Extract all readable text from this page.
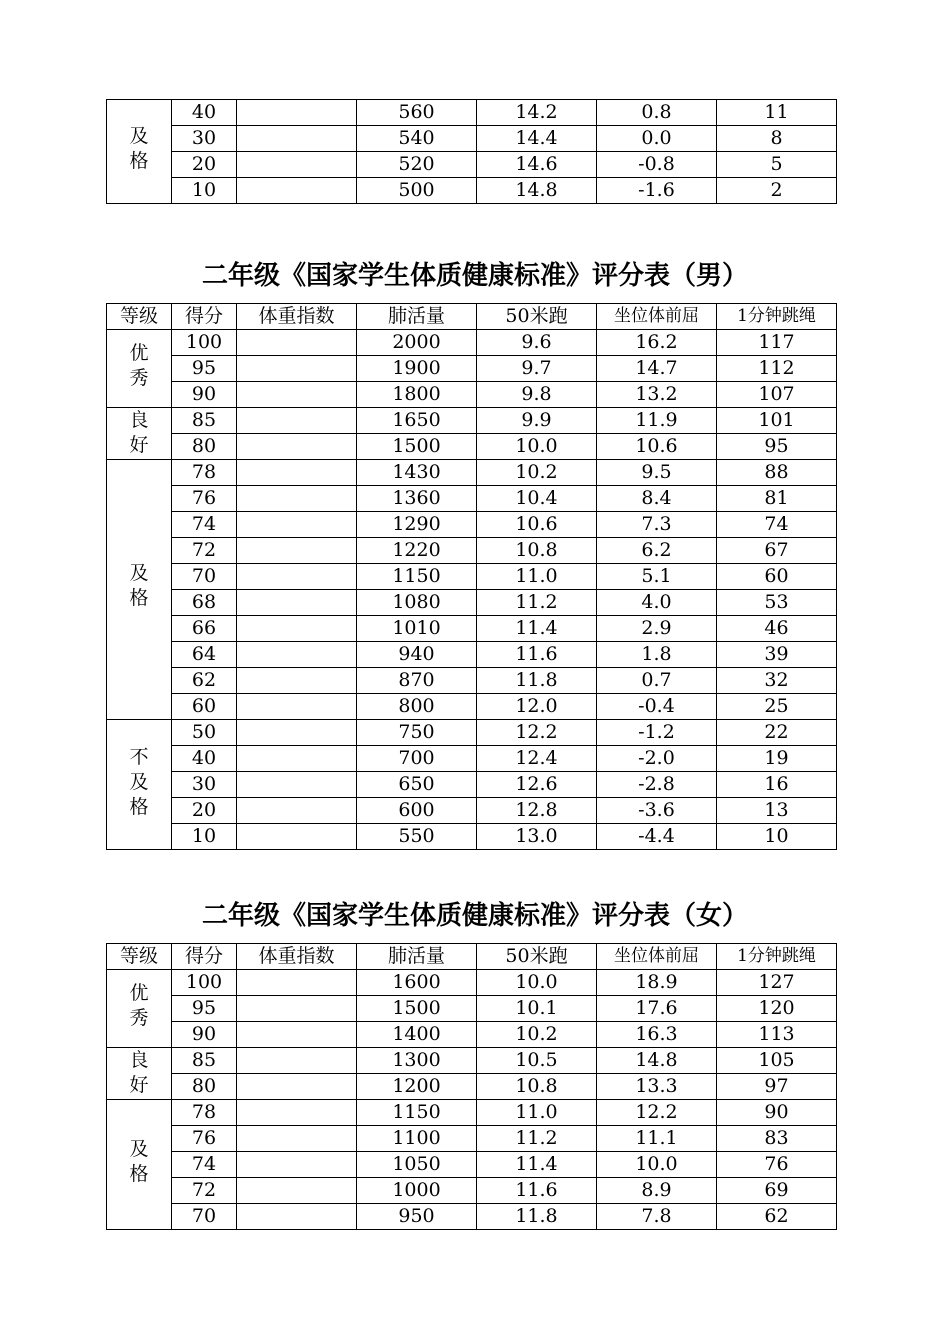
及
格	40		560	14.2	0.8	11
	30		540	14.4	0.0	8
	20		520	14.6	-0.8	5
	10		500	14.8	-1.6	2
二年级《国家学生体质健康标准》评分表（男）
等级	得分	体重指数	肺活量	50米跑	坐位体前屈	1分钟跳绳

优
秀	100		2000	9.6	16.2	117
	95		1900	9.7	14.7	112
	90		1800	9.8	13.2	107

良
好	85		1650	9.9	11.9	101
	80		1500	10.0	10.6	95

及
格	78		1430	10.2	9.5	88
	76		1360	10.4	8.4	81
	74		1290	10.6	7.3	74
	72		1220	10.8	6.2	67
	70		1150	11.0	5.1	60
	68		1080	11.2	4.0	53
	66		1010	11.4	2.9	46
	64		940	11.6	1.8	39
	62		870	11.8	0.7	32
	60		800	12.0	-0.4	25

不
及
格	50		750	12.2	-1.2	22
	40		700	12.4	-2.0	19
	30		650	12.6	-2.8	16
	20		600	12.8	-3.6	13
	10		550	13.0	-4.4	10
二年级《国家学生体质健康标准》评分表（女）
等级	得分	体重指数	肺活量	50米跑	坐位体前屈	1分钟跳绳

优
秀	100		1600	10.0	18.9	127
	95		1500	10.1	17.6	120
	90		1400	10.2	16.3	113

良
好	85		1300	10.5	14.8	105
	80		1200	10.8	13.3	97

及
格	78		1150	11.0	12.2	90
	76		1100	11.2	11.1	83
	74		1050	11.4	10.0	76
	72		1000	11.6	8.9	69
	70		950	11.8	7.8	62
